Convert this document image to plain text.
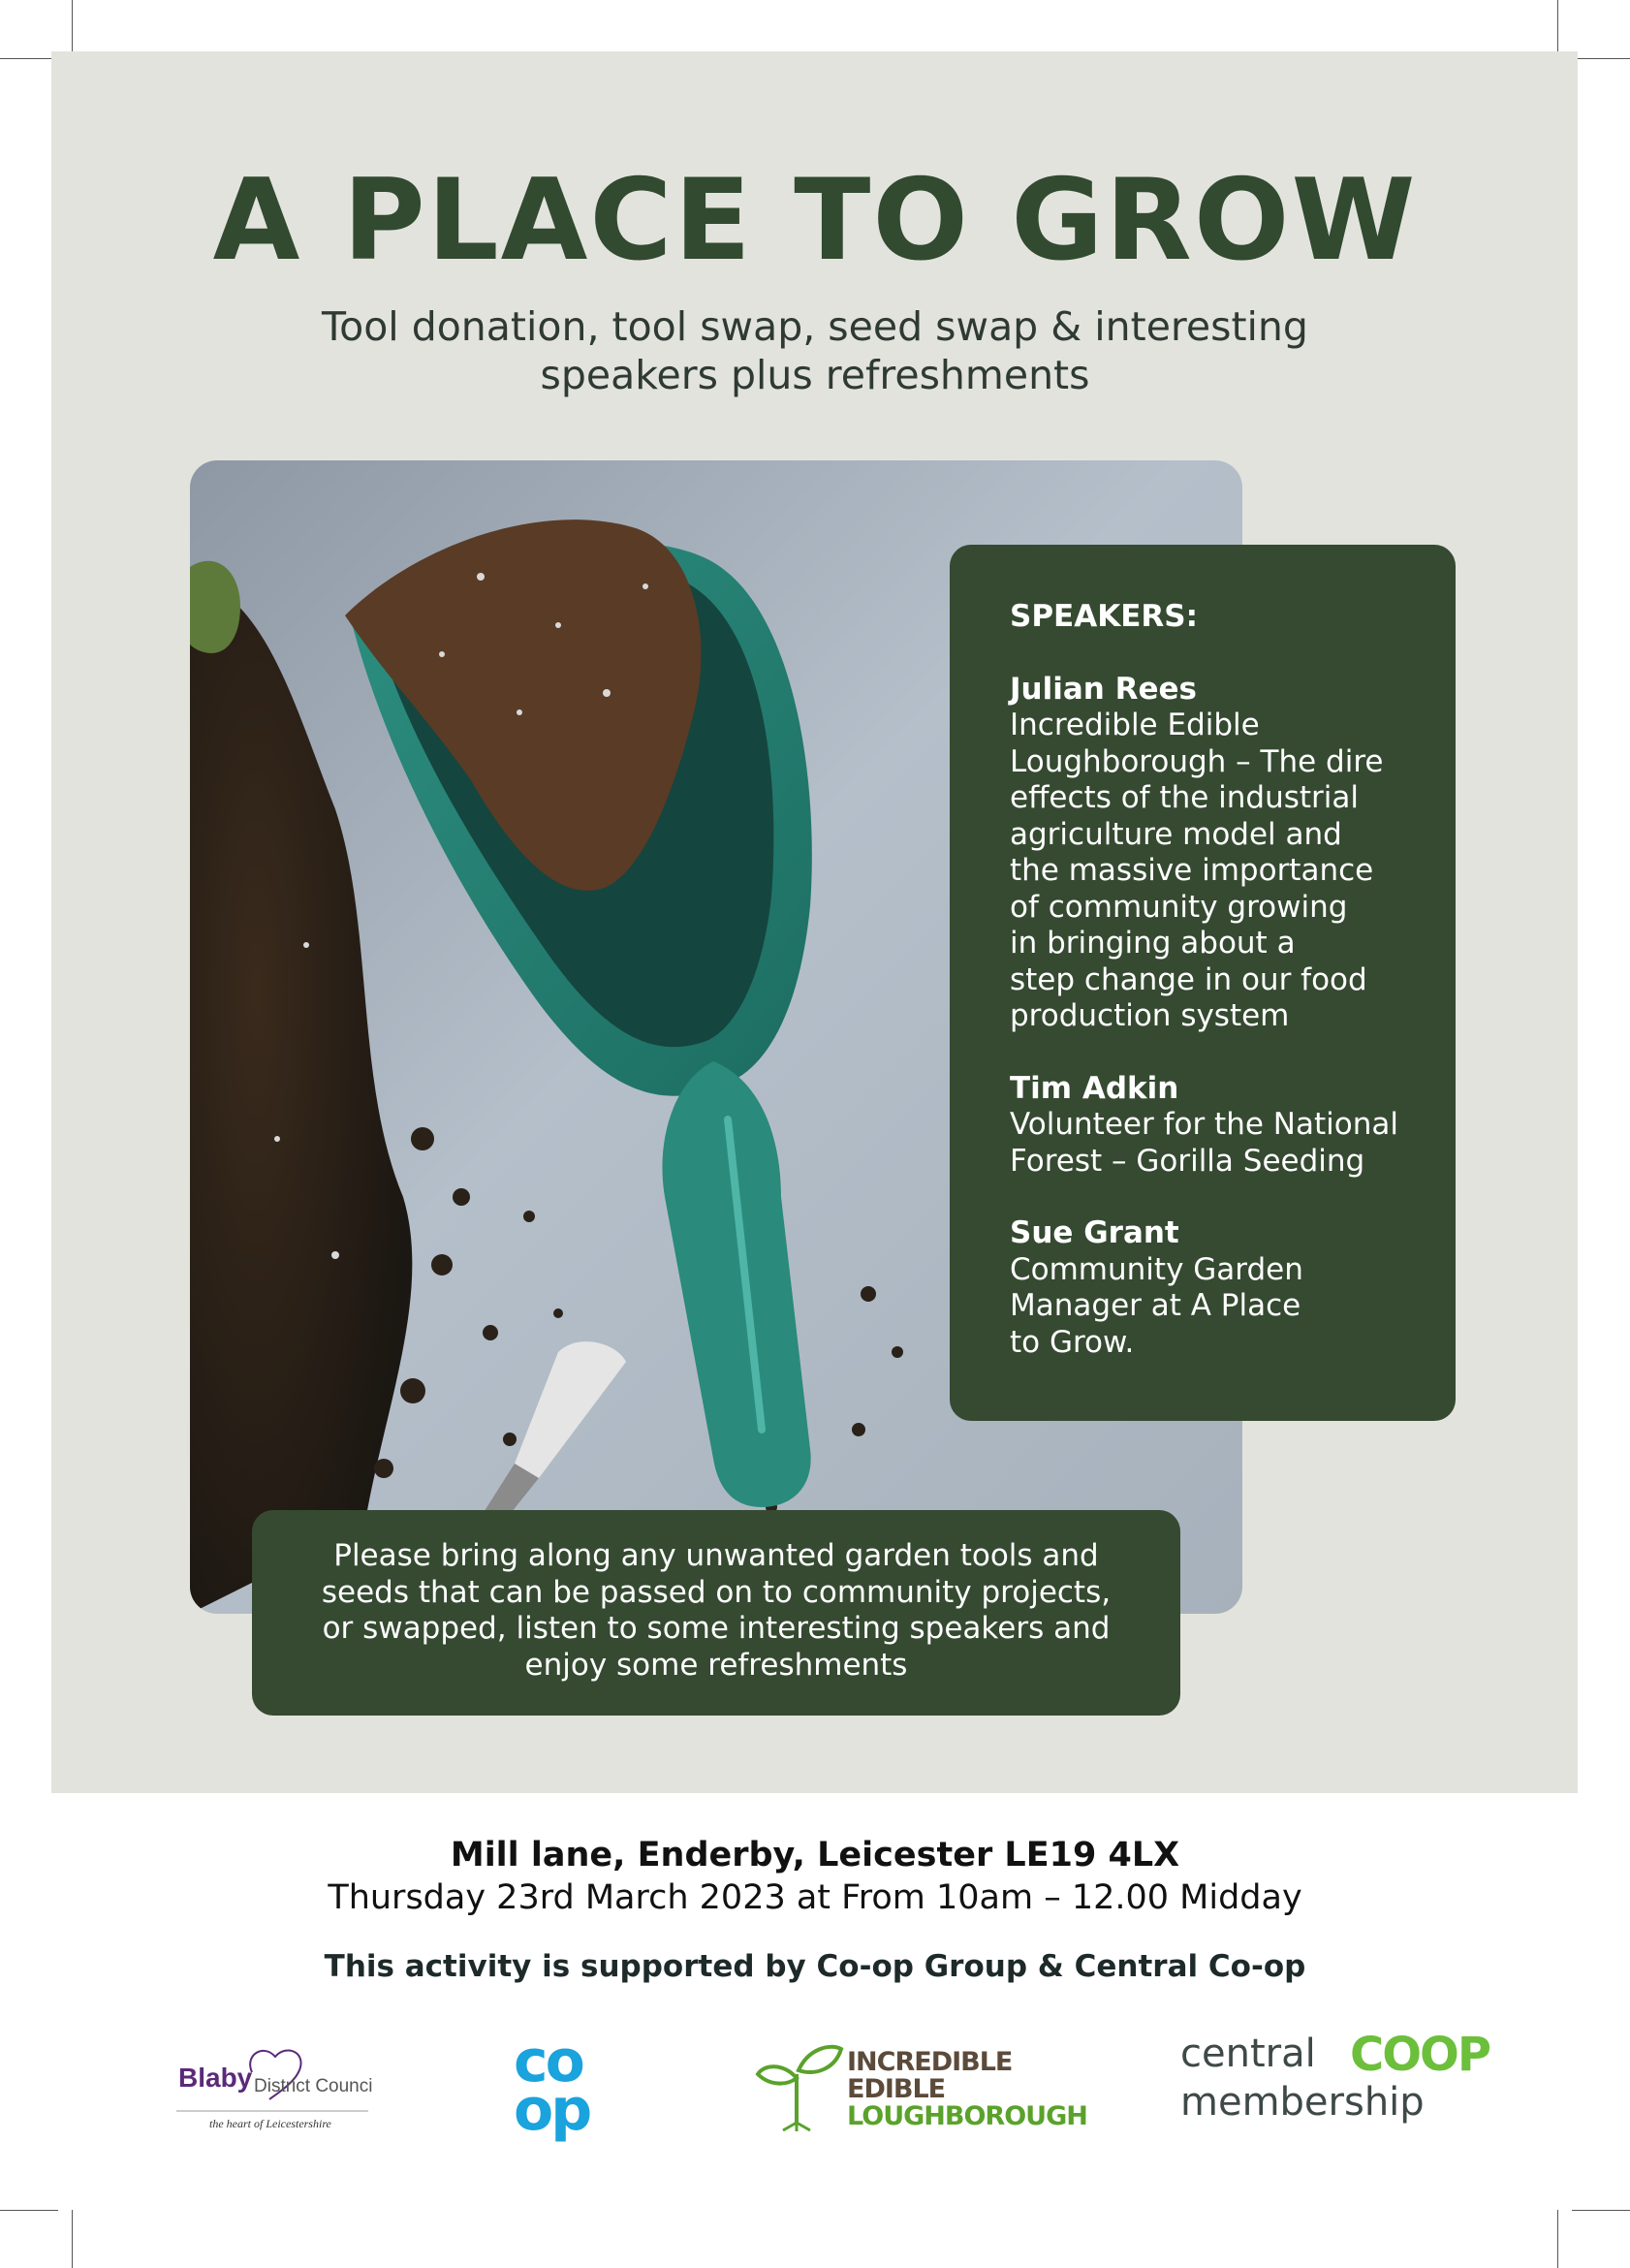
A PLACE TO GROW
Tool donation, tool swap, seed swap & interesting
speakers plus refreshments
SPEAKERS:
Julian Rees
Incredible Edible
Loughborough – The dire
effects of the industrial
agriculture model and
the massive importance
of community growing
in bringing about a
step change in our food
production system
Tim Adkin
Volunteer for the National
Forest – Gorilla Seeding
Sue Grant
Community Garden
Manager at A Place
to Grow.
Please bring along any unwanted garden tools and
seeds that can be passed on to community projects,
or swapped, listen to some interesting speakers and
enjoy some refreshments
Mill lane, Enderby, Leicester LE19 4LX
Thursday 23rd March 2023 at From 10am – 12.00 Midday
This activity is supported by Co-op Group & Central Co-op
Blaby District Counci
the heart of Leicestershire
co
op
INCREDIBLE
EDIBLE
LOUGHBOROUGH
central COOP
membership
